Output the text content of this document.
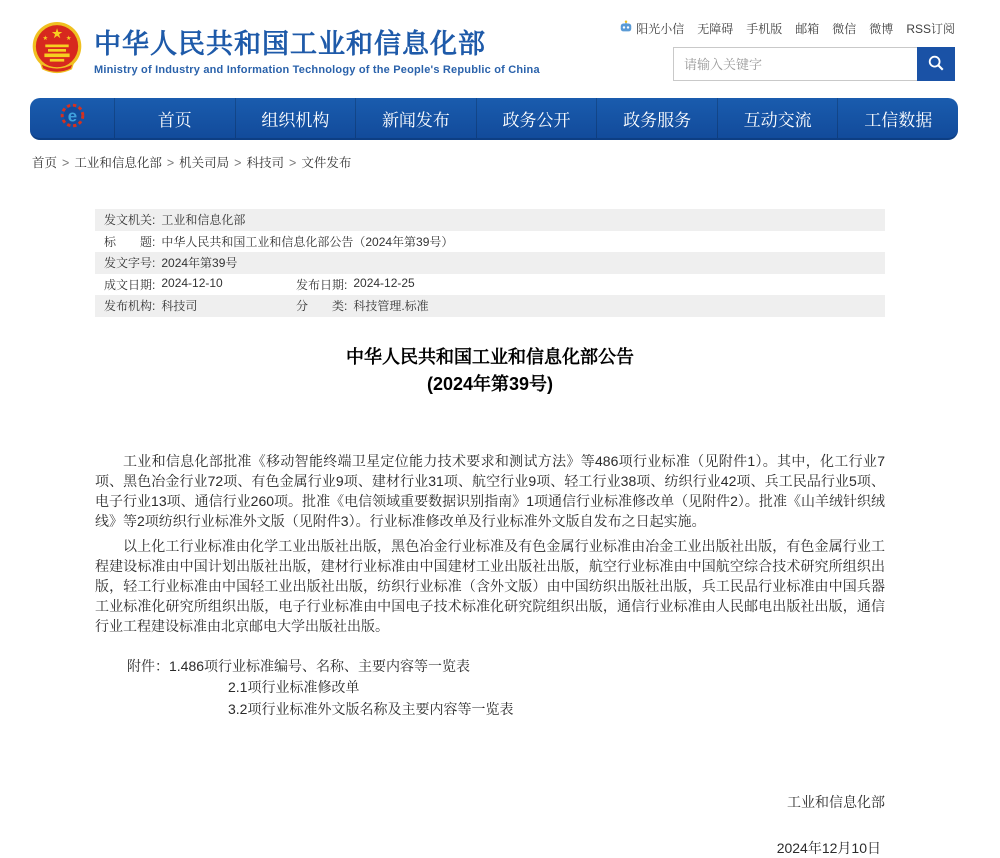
★
★	★ 中华人民共和国工业和信息化部
Ministry of Industry and Information Technology of the People's Republic of China
阳光小信 无障碍 手机版 邮箱 微信 微博 RSS订阅
请输入关键字
e	首页	组织机构	新闻发布	政务公开	政务服务	互动交流	工信数据
首页 > 工业和信息化部 > 机关司局 > 科技司 > 文件发布
发文机关: 工业和信息化部
标　　题: 中华人民共和国工业和信息化部公告（2024年第39号）
发文字号: 2024年第39号
成文日期: 2024-12-10	发布日期: 2024-12-25
发布机构: 科技司	分　　类: 科技管理.标准
中华人民共和国工业和信息化部公告
(2024年第39号)

工业和信息化部批准《移动智能终端卫星定位能力技术要求和测试方法》等486项行业标准（见附件1）。其中，化工行业7项、黑色冶金行业72项、有色金属行业9项、建材行业31项、航空行业9项、轻工行业38项、纺织行业42项、兵工民品行业5项、电子行业13项、通信行业260项。批准《电信领域重要数据识别指南》1项通信行业标准修改单（见附件2）。批准《山羊绒针织绒线》等2项纺织行业标准外文版（见附件3）。行业标准修改单及行业标准外文版自发布之日起实施。

以上化工行业标准由化学工业出版社出版，黑色冶金行业标准及有色金属行业标准由冶金工业出版社出版，有色金属行业工程建设标准由中国计划出版社出版，建材行业标准由中国建材工业出版社出版，航空行业标准由中国航空综合技术研究所组织出版，轻工行业标准由中国轻工业出版社出版，纺织行业标准（含外文版）由中国纺织出版社出版，兵工民品行业标准由中国兵器工业标准化研究所组织出版，电子行业标准由中国电子技术标准化研究院组织出版，通信行业标准由人民邮电出版社出版，通信行业工程建设标准由北京邮电大学出版社出版。

附件：1.486项行业标准编号、名称、主要内容等一览表
2.1项行业标准修改单
3.2项行业标准外文版名称及主要内容等一览表
工业和信息化部
2024年12月10日
